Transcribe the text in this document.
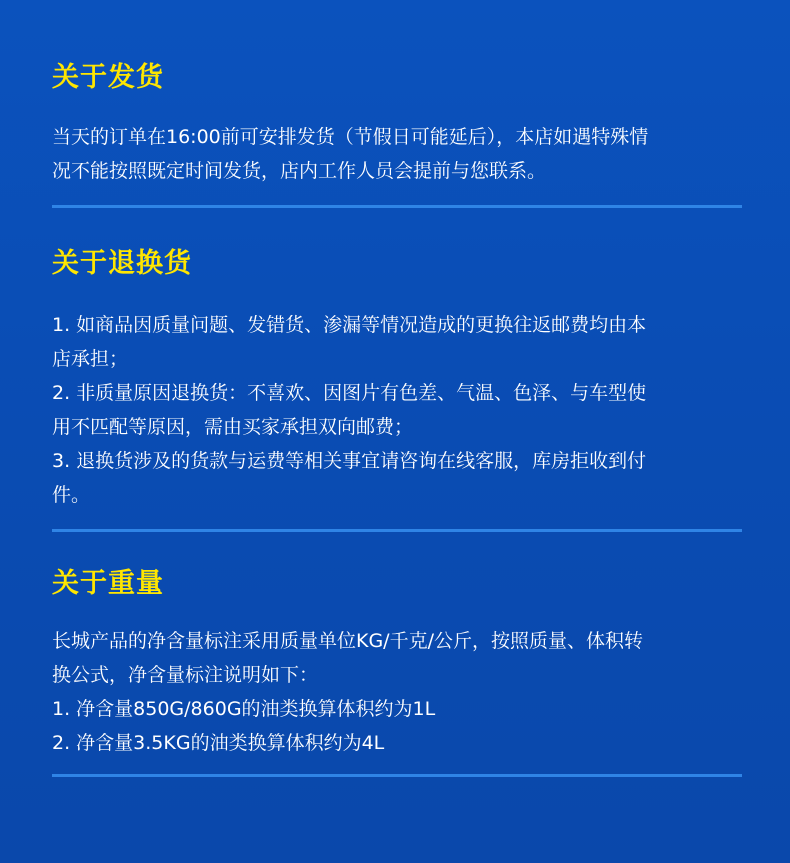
关于发货
当天的订单在16:00前可安排发货（节假日可能延后），本店如遇特殊情
况不能按照既定时间发货，店内工作人员会提前与您联系。
关于退换货
1. 如商品因质量问题、发错货、渗漏等情况造成的更换往返邮费均由本
店承担；
2. 非质量原因退换货：不喜欢、因图片有色差、气温、色泽、与车型使
用不匹配等原因，需由买家承担双向邮费；
3. 退换货涉及的货款与运费等相关事宜请咨询在线客服，库房拒收到付
件。
关于重量
长城产品的净含量标注采用质量单位KG/千克/公斤，按照质量、体积转
换公式，净含量标注说明如下：
1. 净含量850G/860G的油类换算体积约为1L
2. 净含量3.5KG的油类换算体积约为4L
